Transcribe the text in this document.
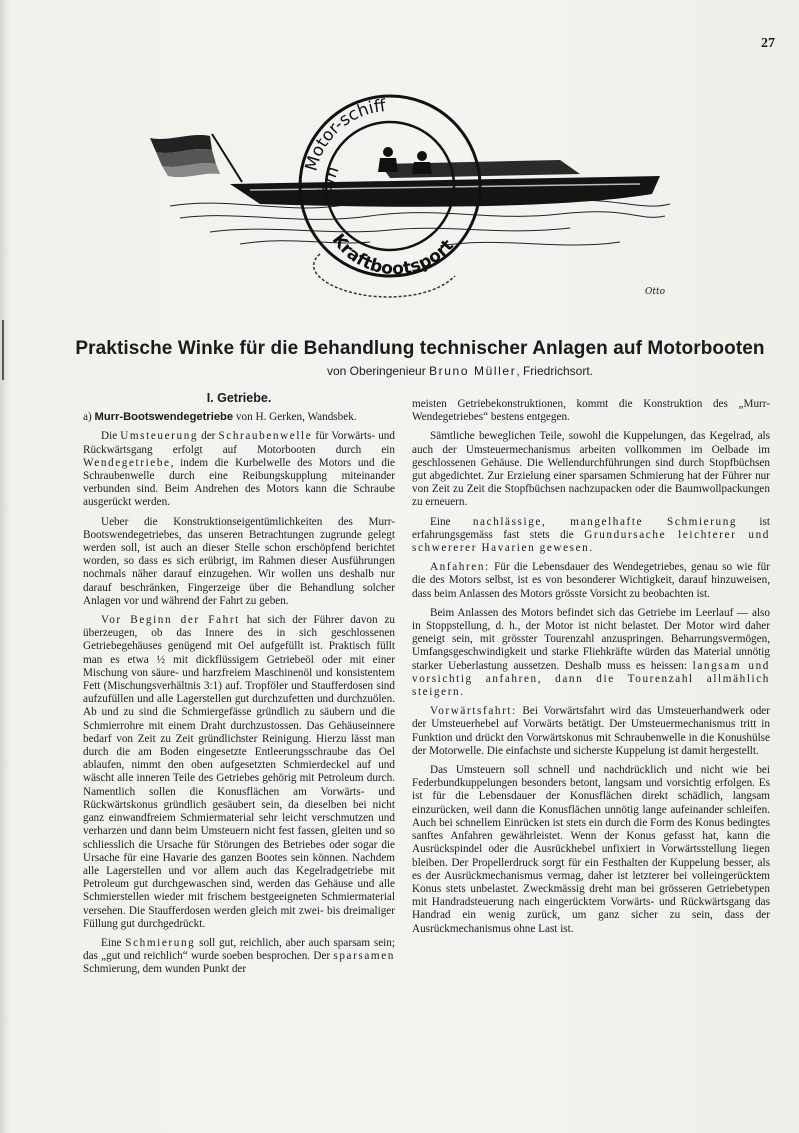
27
Motor-schiff
Vom
Kraftbootsport
Otto
Praktische Winke für die Behandlung technischer Anlagen auf Motorbooten
von Oberingenieur Bruno Müller, Friedrichsort.
I. Getriebe.

a) Murr-Bootswendegetriebe von H. Gerken, Wandsbek.

Die Umsteuerung der Schraubenwelle für Vorwärts- und Rückwärtsgang erfolgt auf Motorbooten durch ein Wendegetriebe, indem die Kurbelwelle des Motors und die Schraubenwelle durch eine Reibungskupplung miteinander verbunden sind. Beim Andrehen des Motors kann die Schraube ausgerückt werden.

Ueber die Konstruktionseigentümlichkeiten des Murr-Bootswendegetriebes, das unseren Betrachtungen zugrunde gelegt werden soll, ist auch an dieser Stelle schon erschöpfend berichtet worden, so dass es sich erübrigt, im Rahmen dieser Ausführungen nochmals näher darauf einzugehen. Wir wollen uns deshalb nur darauf beschränken, Fingerzeige über die Behandlung solcher Anlagen vor und während der Fahrt zu geben.

Vor Beginn der Fahrt hat sich der Führer davon zu überzeugen, ob das Innere des in sich geschlossenen Getriebegehäuses genügend mit Oel aufgefüllt ist. Praktisch füllt man es etwa ½ mit dickflüssigem Getriebeöl oder mit einer Mischung von säure- und harzfreiem Maschinenöl und konsistentem Fett (Mischungsverhältnis 3:1) auf. Tropföler und Staufferdosen sind aufzufüllen und alle Lagerstellen gut durchzufetten und durchzuölen. Ab und zu sind die Schmiergefässe gründlich zu säubern und die Schmierrohre mit einem Draht durchzustossen. Das Gehäuseinnere bedarf von Zeit zu Zeit gründlichster Reinigung. Hierzu lässt man durch die am Boden eingesetzte Entleerungsschraube das Oel ablaufen, nimmt den oben aufgesetzten Schmierdeckel auf und wäscht alle inneren Teile des Getriebes gehörig mit Petroleum durch. Namentlich sollen die Konusflächen am Vorwärts- und Rückwärtskonus gründlich gesäubert sein, da dieselben bei nicht ganz einwandfreiem Schmiermaterial sehr leicht verschmutzen und verharzen und dann beim Umsteuern nicht fest fassen, gleiten und so schliesslich die Ursache für Störungen des Betriebes oder sogar die Ursache für eine Havarie des ganzen Bootes sein können. Nachdem alle Lagerstellen und vor allem auch das Kegelradgetriebe mit Petroleum gut durchgewaschen sind, werden das Gehäuse und alle Schmierstellen wieder mit frischem bestgeeigneten Schmiermaterial versehen. Die Staufferdosen werden gleich mit zwei- bis dreimaliger Füllung gut durchgedrückt.

Eine Schmierung soll gut, reichlich, aber auch sparsam sein; das „gut und reichlich“ wurde soeben besprochen. Der sparsamen Schmierung, dem wunden Punkt der

meisten Getriebekonstruktionen, kommt die Konstruktion des „Murr-Wendegetriebes“ bestens entgegen.

Sämtliche beweglichen Teile, sowohl die Kuppelungen, das Kegelrad, als auch der Umsteuermechanismus arbeiten vollkommen im Oelbade im geschlossenen Gehäuse. Die Wellendurchführungen sind durch Stopfbüchsen gut abgedichtet. Zur Erzielung einer sparsamen Schmierung hat der Führer nur von Zeit zu Zeit die Stopfbüchsen nachzupacken oder die Baumwollpackungen zu erneuern.

Eine nachlässige, mangelhafte Schmierung ist erfahrungsgemäss fast stets die Grundursache leichterer und schwererer Havarien gewesen.

Anfahren: Für die Lebensdauer des Wendegetriebes, genau so wie für die des Motors selbst, ist es von besonderer Wichtigkeit, darauf hinzuweisen, dass beim Anlassen des Motors grösste Vorsicht zu beobachten ist.

Beim Anlassen des Motors befindet sich das Getriebe im Leerlauf — also in Stoppstellung, d. h., der Motor ist nicht belastet. Der Motor wird daher geneigt sein, mit grösster Tourenzahl anzuspringen. Beharrungsvermögen, Umfangsgeschwindigkeit und starke Fliehkräfte würden das Material unnötig starker Ueberlastung aussetzen. Deshalb muss es heissen: langsam und vorsichtig anfahren, dann die Tourenzahl allmählich steigern.

Vorwärtsfahrt: Bei Vorwärtsfahrt wird das Umsteuerhandwerk oder der Umsteuerhebel auf Vorwärts betätigt. Der Umsteuermechanismus tritt in Funktion und drückt den Vorwärtskonus mit Schraubenwelle in die Konushülse der Motorwelle. Die einfachste und sicherste Kuppelung ist damit hergestellt.

Das Umsteuern soll schnell und nachdrücklich und nicht wie bei Federbundkuppelungen besonders betont, langsam und vorsichtig erfolgen. Es ist für die Lebensdauer der Konusflächen direkt schädlich, langsam einzurücken, weil dann die Konusflächen unnötig lange aufeinander schleifen. Auch bei schnellem Einrücken ist stets ein durch die Form des Konus bedingtes sanftes Anfahren gewährleistet. Wenn der Konus gefasst hat, kann die Ausrückspindel oder die Ausrückhebel unfixiert in Vorwärtsstellung liegen bleiben. Der Propellerdruck sorgt für ein Festhalten der Kuppelung besser, als es der Ausrückmechanismus vermag, daher ist letzterer bei volleingerücktem Konus stets unbelastet. Zweckmässig dreht man bei grösseren Getriebetypen mit Handradsteuerung nach eingerücktem Vorwärts- und Rückwärtsgang das Handrad ein wenig zurück, um ganz sicher zu sein, dass der Ausrückmechanismus ohne Last ist.
